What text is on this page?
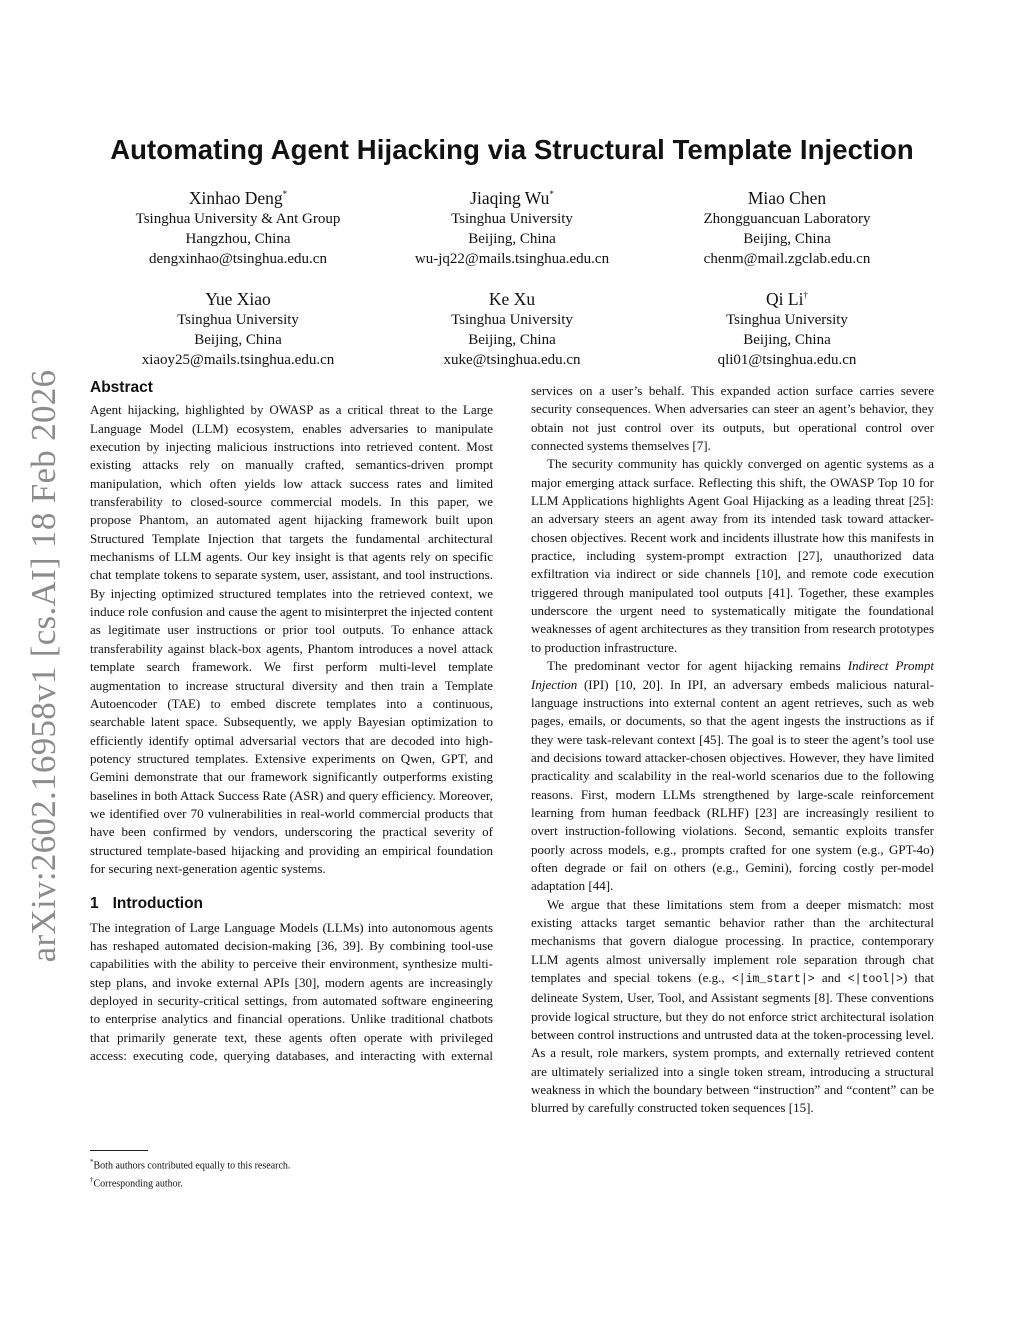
arXiv:2602.16958v1 [cs.AI] 18 Feb 2026
Automating Agent Hijacking via Structural Template Injection
Xinhao Deng*
Tsinghua University & Ant Group
Hangzhou, China
dengxinhao@tsinghua.edu.cn
Jiaqing Wu*
Tsinghua University
Beijing, China
wu-jq22@mails.tsinghua.edu.cn
Miao Chen
Zhongguancuan Laboratory
Beijing, China
chenm@mail.zgclab.edu.cn
Yue Xiao
Tsinghua University
Beijing, China
xiaoy25@mails.tsinghua.edu.cn
Ke Xu
Tsinghua University
Beijing, China
xuke@tsinghua.edu.cn
Qi Li†
Tsinghua University
Beijing, China
qli01@tsinghua.edu.cn
Abstract

Agent hijacking, highlighted by OWASP as a critical threat to the Large Language Model (LLM) ecosystem, enables adversaries to manipulate execution by injecting malicious instructions into retrieved content. Most existing attacks rely on manually crafted, semantics-driven prompt manipulation, which often yields low attack success rates and limited transferability to closed-source commercial models. In this paper, we propose Phantom, an automated agent hijacking framework built upon Structured Template Injection that targets the fundamental architectural mechanisms of LLM agents. Our key insight is that agents rely on specific chat template tokens to separate system, user, assistant, and tool instructions. By injecting optimized structured templates into the retrieved context, we induce role confusion and cause the agent to misinterpret the injected content as legitimate user instructions or prior tool outputs. To enhance attack transferability against black-box agents, Phantom introduces a novel attack template search framework. We first perform multi-level template augmentation to increase structural diversity and then train a Template Autoencoder (TAE) to embed discrete templates into a continuous, searchable latent space. Subsequently, we apply Bayesian optimization to efficiently identify optimal adversarial vectors that are decoded into high-potency structured templates. Extensive experiments on Qwen, GPT, and Gemini demonstrate that our framework significantly outperforms existing baselines in both Attack Success Rate (ASR) and query efficiency. Moreover, we identified over 70 vulnerabilities in real-world commercial products that have been confirmed by vendors, underscoring the practical severity of structured template-based hijacking and providing an empirical foundation for securing next-generation agentic systems.

1 Introduction

The integration of Large Language Models (LLMs) into autonomous agents has reshaped automated decision-making [36, 39]. By combining tool-use capabilities with the ability to perceive their environment, synthesize multi-step plans, and invoke external APIs [30], modern agents are increasingly deployed in security-critical settings, from automated software engineering to enterprise analytics and financial operations. Unlike traditional chatbots that primarily generate text, these agents often operate with privileged access: executing code, querying databases, and interacting with external

services on a user’s behalf. This expanded action surface carries severe security consequences. When adversaries can steer an agent’s behavior, they obtain not just control over its outputs, but operational control over connected systems themselves [7].

The security community has quickly converged on agentic systems as a major emerging attack surface. Reflecting this shift, the OWASP Top 10 for LLM Applications highlights Agent Goal Hijacking as a leading threat [25]: an adversary steers an agent away from its intended task toward attacker-chosen objectives. Recent work and incidents illustrate how this manifests in practice, including system-prompt extraction [27], unauthorized data exfiltration via indirect or side channels [10], and remote code execution triggered through manipulated tool outputs [41]. Together, these examples underscore the urgent need to systematically mitigate the foundational weaknesses of agent architectures as they transition from research prototypes to production infrastructure.

The predominant vector for agent hijacking remains Indirect Prompt Injection (IPI) [10, 20]. In IPI, an adversary embeds malicious natural-language instructions into external content an agent retrieves, such as web pages, emails, or documents, so that the agent ingests the instructions as if they were task-relevant context [45]. The goal is to steer the agent’s tool use and decisions toward attacker-chosen objectives. However, they have limited practicality and scalability in the real-world scenarios due to the following reasons. First, modern LLMs strengthened by large-scale reinforcement learning from human feedback (RLHF) [23] are increasingly resilient to overt instruction-following violations. Second, semantic exploits transfer poorly across models, e.g., prompts crafted for one system (e.g., GPT-4o) often degrade or fail on others (e.g., Gemini), forcing costly per-model adaptation [44].

We argue that these limitations stem from a deeper mismatch: most existing attacks target semantic behavior rather than the architectural mechanisms that govern dialogue processing. In practice, contemporary LLM agents almost universally implement role separation through chat templates and special tokens (e.g., <|im_start|> and <|tool|>) that delineate System, User, Tool, and Assistant segments [8]. These conventions provide logical structure, but they do not enforce strict architectural isolation between control instructions and untrusted data at the token-processing level. As a result, role markers, system prompts, and externally retrieved content are ultimately serialized into a single token stream, introducing a structural weakness in which the boundary between “instruction” and “content” can be blurred by carefully constructed token sequences [15].

*Both authors contributed equally to this research.
†Corresponding author.
